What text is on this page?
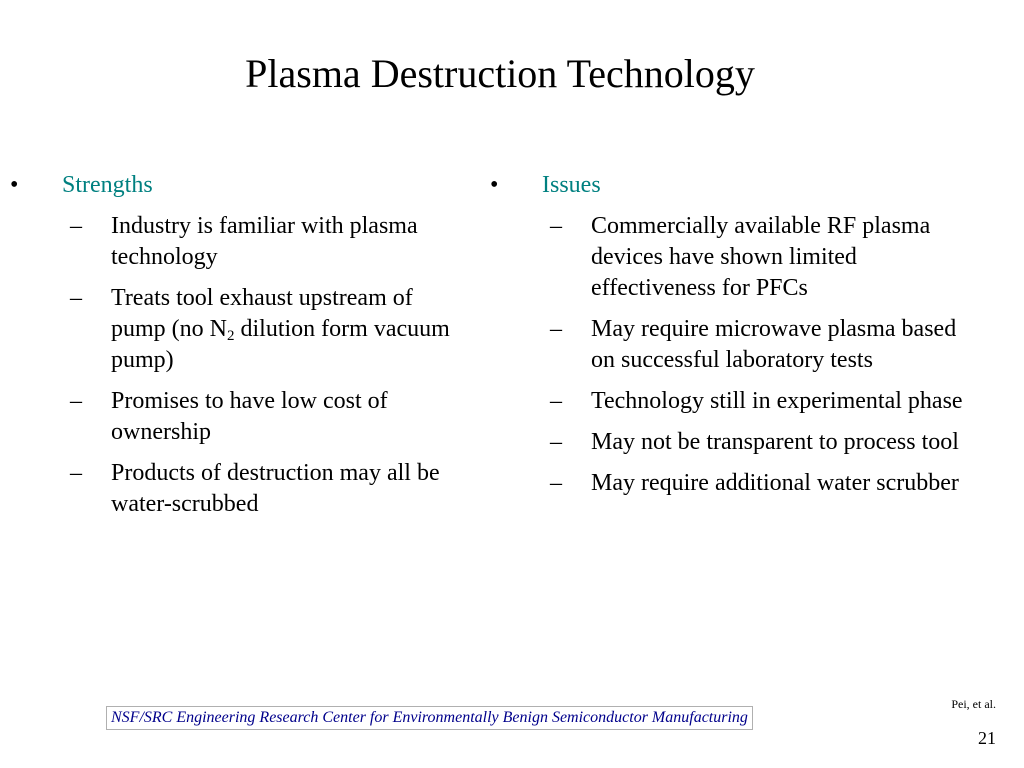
Plasma Destruction Technology
•	Strengths
–	Industry is familiar with plasma technology
–	Treats tool exhaust upstream of pump (no $N_2$ dilution form vacuum pump)
–	Promises to have low cost of ownership
–	Products of destruction may all be water-scrubbed
•	Issues
–	Commercially available RF plasma devices have shown limited effectiveness for PFCs
–	May require microwave plasma based on successful laboratory tests
–	Technology still in experimental phase
–	May not be transparent to process tool
–	May require additional water scrubber
Pei, et al.
NSF/SRC Engineering Research Center for Environmentally Benign Semiconductor Manufacturing
21
